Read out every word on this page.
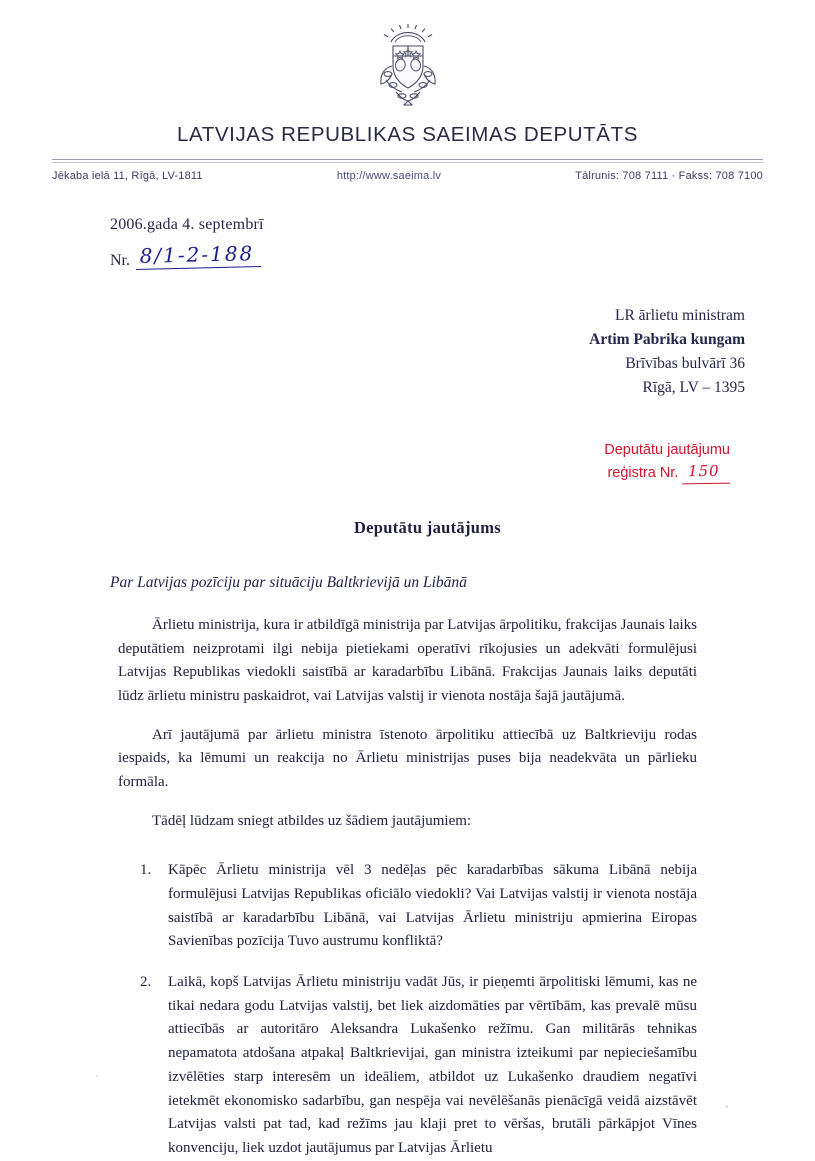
LATVIJAS REPUBLIKAS SAEIMAS DEPUTĀTS
Jēkaba ielā 11, Rīgā, LV-1811	http://www.saeima.lv	Tālrunis: 708 7111 · Fakss: 708 7100
2006.gada 4. septembrī
Nr. 8/1-2-188
LR ārlietu ministram
Artim Pabrika kungam
Brīvības bulvārī 36
Rīgā, LV – 1395
Deputātu jautājumu
reģistra Nr. 150
Deputātu jautājums
Par Latvijas pozīciju par situāciju Baltkrievijā un Libānā

Ārlietu ministrija, kura ir atbildīgā ministrija par Latvijas ārpolitiku, frakcijas Jaunais laiks deputātiem neizprotami ilgi nebija pietiekami operatīvi rīkojusies un adekvāti formulējusi Latvijas Republikas viedokli saistībā ar karadarbību Libānā. Frakcijas Jaunais laiks deputāti lūdz ārlietu ministru paskaidrot, vai Latvijas valstij ir vienota nostāja šajā jautājumā.

Arī jautājumā par ārlietu ministra īstenoto ārpolitiku attiecībā uz Baltkrieviju rodas iespaids, ka lēmumi un reakcija no Ārlietu ministrijas puses bija neadekvāta un pārlieku formāla.

Tādēļ lūdzam sniegt atbildes uz šādiem jautājumiem:

1. Kāpēc Ārlietu ministrija vēl 3 nedēļas pēc karadarbības sākuma Libānā nebija formulējusi Latvijas Republikas oficiālo viedokli? Vai Latvijas valstij ir vienota nostāja saistībā ar karadarbību Libānā, vai Latvijas Ārlietu ministriju apmierina Eiropas Savienības pozīcija Tuvo austrumu konfliktā?
2. Laikā, kopš Latvijas Ārlietu ministriju vadāt Jūs, ir pieņemti ārpolitiski lēmumi, kas ne tikai nedara godu Latvijas valstij, bet liek aizdomāties par vērtībām, kas prevalē mūsu attiecībās ar autoritāro Aleksandra Lukašenko režīmu. Gan militārās tehnikas nepamatota atdošana atpakaļ Baltkrievijai, gan ministra izteikumi par nepieciešamību izvēlēties starp interesēm un ideāliem, atbildot uz Lukašenko draudiem negatīvi ietekmēt ekonomisko sadarbību, gan nespēja vai nevēlēšanās pienācīgā veidā aizstāvēt Latvijas valsti pat tad, kad režīms jau klaji pret to vēršas, brutāli pārkāpjot Vīnes konvenciju, liek uzdot jautājumus par Latvijas Ārlietu
